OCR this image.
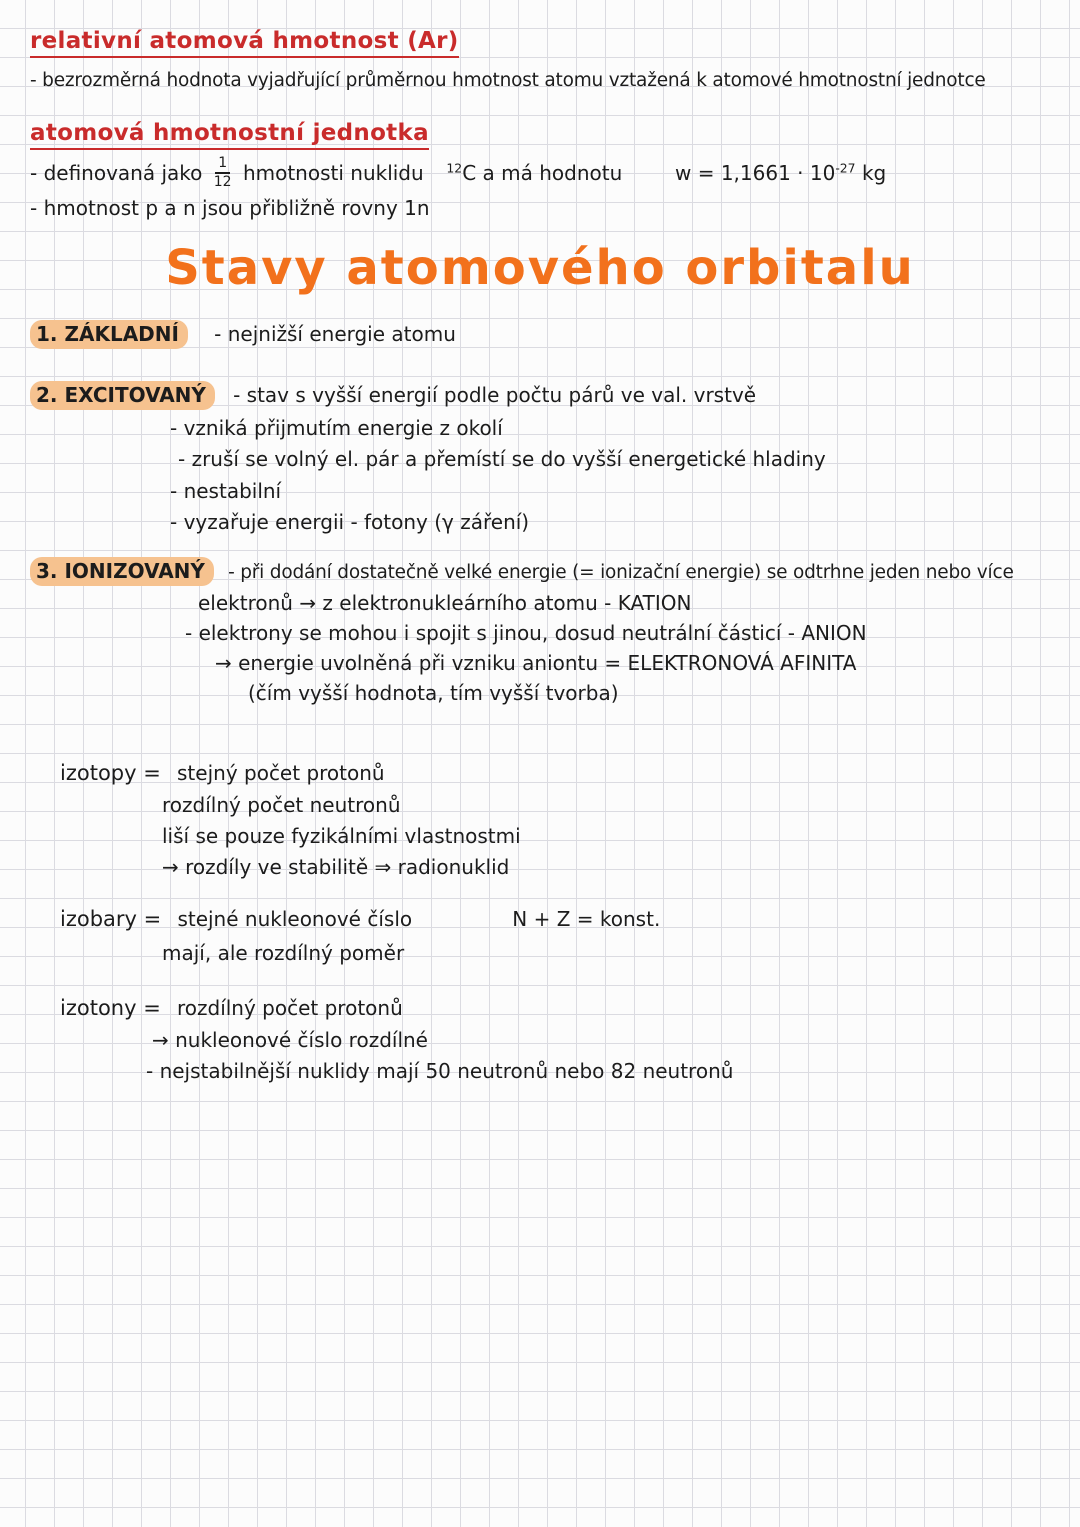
relativní atomová hmotnost (Ar)
- bezrozměrná hodnota vyjadřující průměrnou hmotnost atomu vztažená k atomové hmotnostní jednotce
atomová hmotnostní jednotka
- definovaná jako $\frac{1}{12}$ hmotnosti nuklidu $^{12}$C a má hodnotu	$w = 1,1661 \cdot 10^{-27}$ kg
- hmotnost p a n jsou přibližně rovny 1n
Stavy atomového orbitalu
1. ZÁKLADNÍ - nejnižší energie atomu
2. EXCITOVANÝ - stav s vyšší energií podle počtu párů ve val. vrstvě
- vzniká přijmutím energie z okolí
- zruší se volný el. pár a přemístí se do vyšší energetické hladiny
- nestabilní
- vyzařuje energii - fotony (γ záření)
3. IONIZOVANÝ - při dodání dostatečně velké energie (= ionizační energie) se odtrhne jeden nebo více
elektronů → z elektronukleárního atomu - KATION
- elektrony se mohou i spojit s jinou, dosud neutrální částicí - ANION
→ energie uvolněná při vzniku aniontu = ELEKTRONOVÁ AFINITA
(čím vyšší hodnota, tím vyšší tvorba)
izotopy = stejný počet protonů
rozdílný počet neutronů
liší se pouze fyzikálními vlastnostmi
→ rozdíly ve stabilitě ⇒ radionuklid
izobary = stejné nukleonové číslo	N + Z = konst.
mají, ale rozdílný poměr
izotony = rozdílný počet protonů
→ nukleonové číslo rozdílné
- nejstabilnější nuklidy mají 50 neutronů nebo 82 neutronů
